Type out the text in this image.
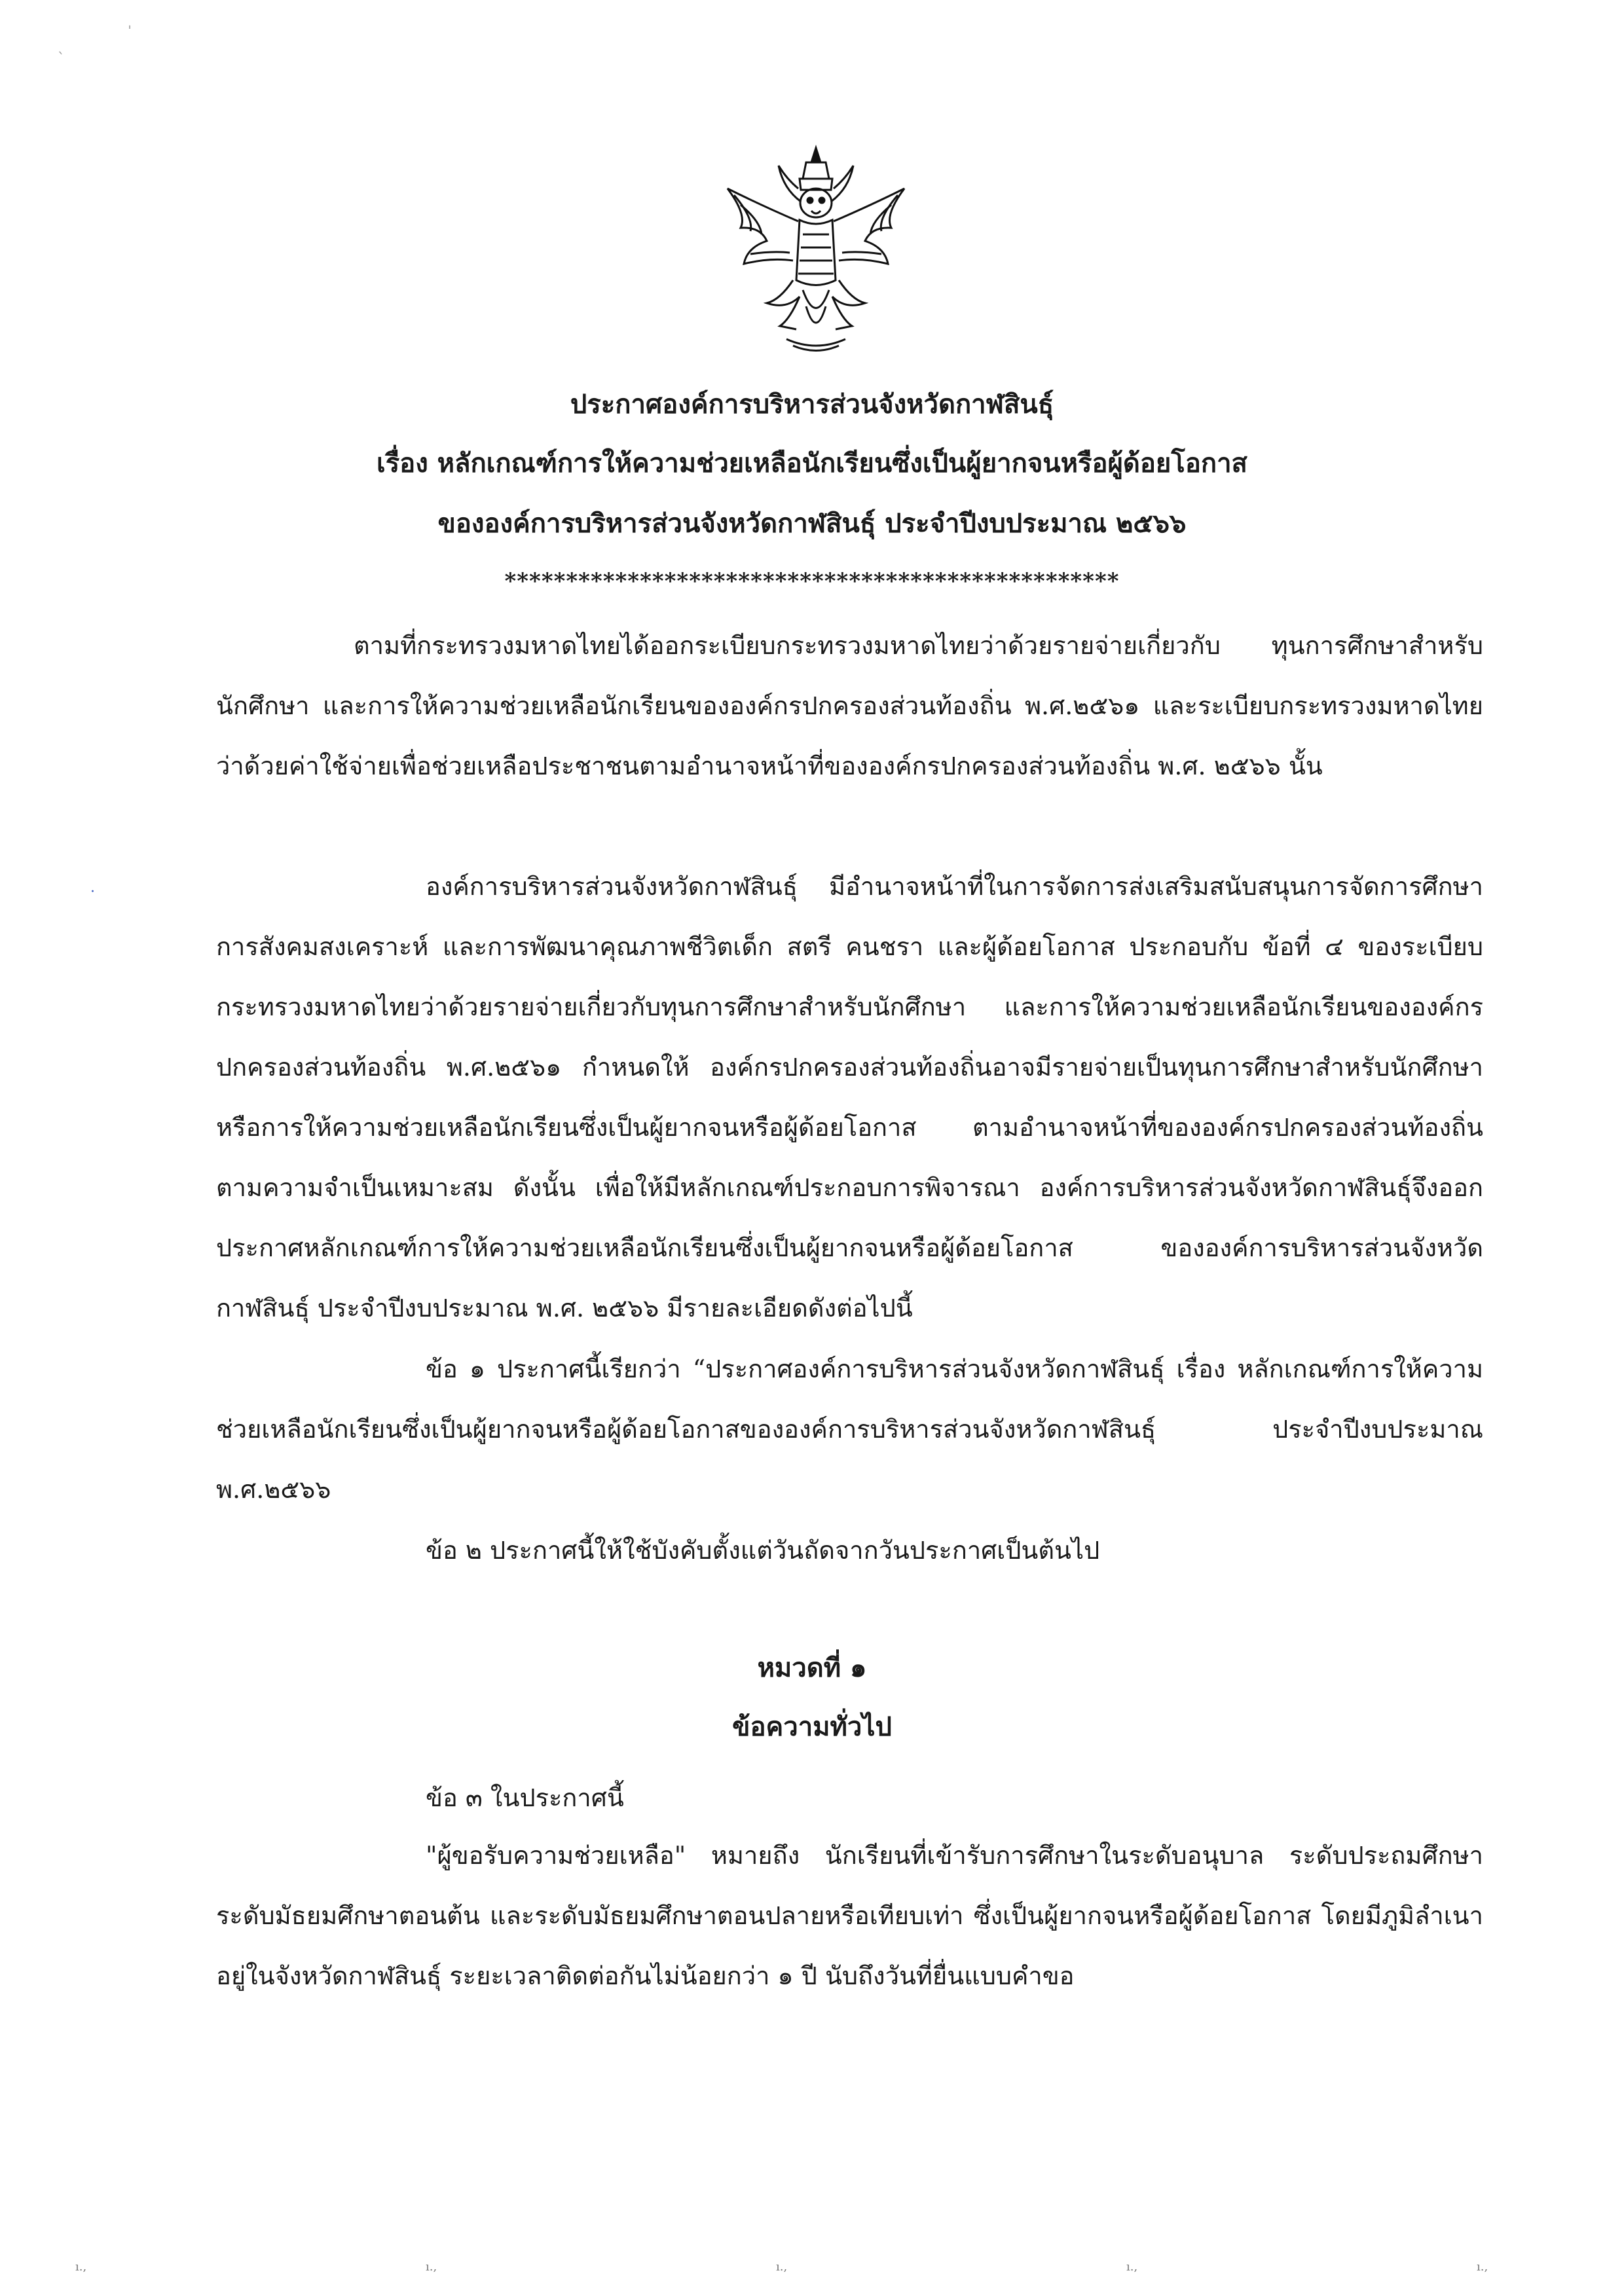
ประกาศองค์การบริหารส่วนจังหวัดกาฬสินธุ์
เรื่อง หลักเกณฑ์การให้ความช่วยเหลือนักเรียนซึ่งเป็นผู้ยากจนหรือผู้ด้อยโอกาส
ขององค์การบริหารส่วนจังหวัดกาฬสินธุ์ ประจำปีงบประมาณ ๒๕๖๖
**************************************************
ตามที่กระทรวงมหาดไทยได้ออกระเบียบกระทรวงมหาดไทยว่าด้วยรายจ่ายเกี่ยวกับ ทุนการศึกษาสำหรับนักศึกษา และการให้ความช่วยเหลือนักเรียนขององค์กรปกครองส่วนท้องถิ่น พ.ศ.๒๕๖๑ และระเบียบกระทรวงมหาดไทยว่าด้วยค่าใช้จ่ายเพื่อช่วยเหลือประชาชนตามอำนาจหน้าที่ขององค์กรปกครองส่วนท้องถิ่น พ.ศ. ๒๕๖๖ นั้น
องค์การบริหารส่วนจังหวัดกาฬสินธุ์ มีอำนาจหน้าที่ในการจัดการส่งเสริมสนับสนุนการจัดการศึกษาการสังคมสงเคราะห์ และการพัฒนาคุณภาพชีวิตเด็ก สตรี คนชรา และผู้ด้อยโอกาส ประกอบกับ ข้อที่ ๔ ของระเบียบกระทรวงมหาดไทยว่าด้วยรายจ่ายเกี่ยวกับทุนการศึกษาสำหรับนักศึกษา และการให้ความช่วยเหลือนักเรียนขององค์กรปกครองส่วนท้องถิ่น พ.ศ.๒๕๖๑ กำหนดให้ องค์กรปกครองส่วนท้องถิ่นอาจมีรายจ่ายเป็นทุนการศึกษาสำหรับนักศึกษา หรือการให้ความช่วยเหลือนักเรียนซึ่งเป็นผู้ยากจนหรือผู้ด้อยโอกาส ตามอำนาจหน้าที่ขององค์กรปกครองส่วนท้องถิ่น ตามความจำเป็นเหมาะสม ดังนั้น เพื่อให้มีหลักเกณฑ์ประกอบการพิจารณา องค์การบริหารส่วนจังหวัดกาฬสินธุ์จึงออกประกาศหลักเกณฑ์การให้ความช่วยเหลือนักเรียนซึ่งเป็นผู้ยากจนหรือผู้ด้อยโอกาส ขององค์การบริหารส่วนจังหวัดกาฬสินธุ์ ประจำปีงบประมาณ พ.ศ. ๒๕๖๖ มีรายละเอียดดังต่อไปนี้
ข้อ ๑ ประกาศนี้เรียกว่า “ประกาศองค์การบริหารส่วนจังหวัดกาฬสินธุ์ เรื่อง หลักเกณฑ์การให้ความ ช่วยเหลือนักเรียนซึ่งเป็นผู้ยากจนหรือผู้ด้อยโอกาสขององค์การบริหารส่วนจังหวัดกาฬสินธุ์ ประจำปีงบประมาณ พ.ศ.๒๕๖๖
ข้อ ๒ ประกาศนี้ให้ใช้บังคับตั้งแต่วันถัดจากวันประกาศเป็นต้นไป
หมวดที่ ๑
ข้อความทั่วไป
ข้อ ๓ ในประกาศนี้
"ผู้ขอรับความช่วยเหลือ" หมายถึง นักเรียนที่เข้ารับการศึกษาในระดับอนุบาล ระดับประถมศึกษา ระดับมัธยมศึกษาตอนต้น และระดับมัธยมศึกษาตอนปลายหรือเทียบเท่า ซึ่งเป็นผู้ยากจนหรือผู้ด้อยโอกาส โดยมีภูมิลำเนาอยู่ในจังหวัดกาฬสินธุ์ ระยะเวลาติดต่อกันไม่น้อยกว่า ๑ ปี นับถึงวันที่ยื่นแบบคำขอ
·
ˋ
ˌ
ı.,	ı.,	ı.,	ı.,	ı.,
